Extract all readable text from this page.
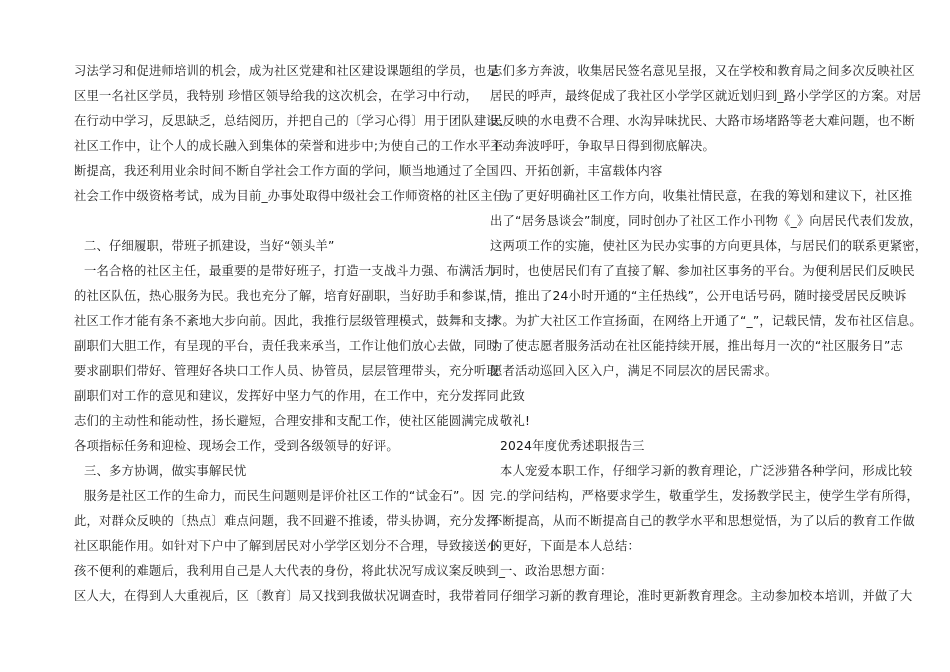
习法学习和促进师培训的机会，成为社区党建和社区建设课题组的学员，也是
区里一名社区学员，我特别 珍惜区领导给我的这次机会，在学习中行动，
在行动中学习，反思缺乏，总结阅历，并把自己的〔学习心得〕用于团队建设、
社区工作中，让个人的成长融入到集体的荣誉和进步中;为使自己的工作水平不
断提高，我还利用业余时间不断自学社会工作方面的学问，顺当地通过了全国
社会工作中级资格考试，成为目前_办事处取得中级社会工作师资格的社区主任。
二、仔细履职，带班子抓建设，当好“领头羊”
一名合格的社区主任，最重要的是带好班子，打造一支战斗力强、布满活力
的社区队伍，热心服务为民。我也充分了解，培育好副职，当好助手和参谋，
社区工作才能有条不紊地大步向前。因此，我推行层级管理模式，鼓舞和支持
副职们大胆工作，有呈现的平台，责任我来承当，工作让他们放心去做，同时
要求副职们带好、管理好各块口工作人员、协管员，层层管理带头，充分听取
副职们对工作的意见和建议，发挥好中坚力气的作用，在工作中，充分发挥同
志们的主动性和能动性，扬长避短，合理安排和支配工作，使社区能圆满完成
各项指标任务和迎检、现场会工作，受到各级领导的好评。
三、多方协调，做实事解民忧
服务是社区工作的生命力，而民生问题则是评价社区工作的“试金石”。因
此，对群众反映的〔热点〕难点问题，我不回避不推诿，带头协调，充分发挥
社区职能作用。如针对下户中了解到居民对小学学区划分不合理，导致接送小
孩不便利的难题后，我利用自己是人大代表的身份，将此状况写成议案反映到_
区人大，在得到人大重视后，区〔教育〕局又找到我做状况调查时，我带着同
志们多方奔波，收集居民签名意见呈报，又在学校和教育局之间多次反映社区
居民的呼声，最终促成了我社区小学学区就近划归到_路小学学区的方案。对居
民反映的水电费不合理、水沟异味扰民、大路市场堵路等老大难问题，也不断
主动奔波呼吁，争取早日得到彻底解决。
四、开拓创新，丰富载体内容
为了更好明确社区工作方向，收集社情民意，在我的筹划和建议下，社区推
出了“居务恳谈会”制度，同时创办了社区工作小刊物《_》向居民代表们发放，
这两项工作的实施，使社区为民办实事的方向更具体，与居民们的联系更紧密，
同时，也使居民们有了直接了解、参加社区事务的平台。为便利居民们反映民
情，推出了24小时开通的“主任热线”，公开电话号码，随时接受居民反映诉
求。为扩大社区工作宣扬面，在网络上开通了“_”，记载民情，发布社区信息。
为了使志愿者服务活动在社区能持续开展，推出每月一次的“社区服务日”志
愿者活动巡回入区入户，满足不同层次的居民需求。
此致
敬礼!
2024年度优秀述职报告三
本人宠爱本职工作，仔细学习新的教育理论，广泛涉猎各种学问，形成比较
完.的学问结构，严格要求学生，敬重学生，发扬教学民主，使学生学有所得，
不断提高，从而不断提高自己的教学水平和思想觉悟，为了以后的教育工作做
的更好，下面是本人总结：
一、政治思想方面：
仔细学习新的教育理论，准时更新教育理念。主动参加校本培训，并做了大
